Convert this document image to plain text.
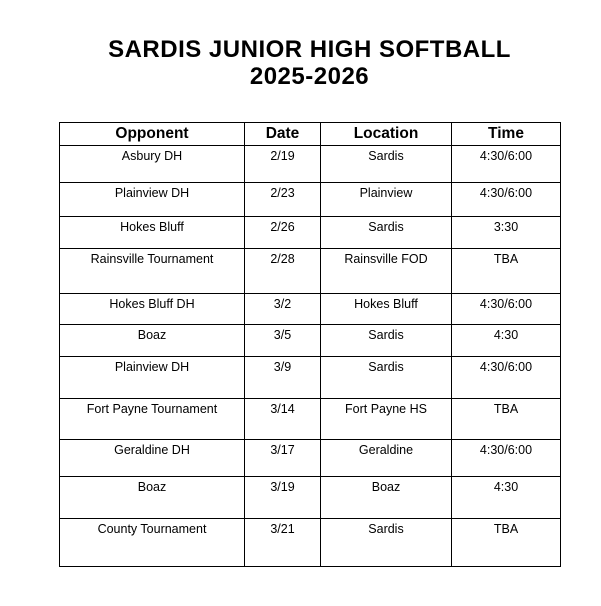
SARDIS JUNIOR HIGH SOFTBALL
2025-2026
Opponent	Date	Location	Time
Asbury DH	2/19	Sardis	4:30/6:00
Plainview DH	2/23	Plainview	4:30/6:00
Hokes Bluff	2/26	Sardis	3:30
Rainsville Tournament	2/28	Rainsville FOD	TBA
Hokes Bluff DH	3/2	Hokes Bluff	4:30/6:00
Boaz	3/5	Sardis	4:30
Plainview DH	3/9	Sardis	4:30/6:00
Fort Payne Tournament	3/14	Fort Payne HS	TBA
Geraldine DH	3/17	Geraldine	4:30/6:00
Boaz	3/19	Boaz	4:30
County Tournament	3/21	Sardis	TBA
